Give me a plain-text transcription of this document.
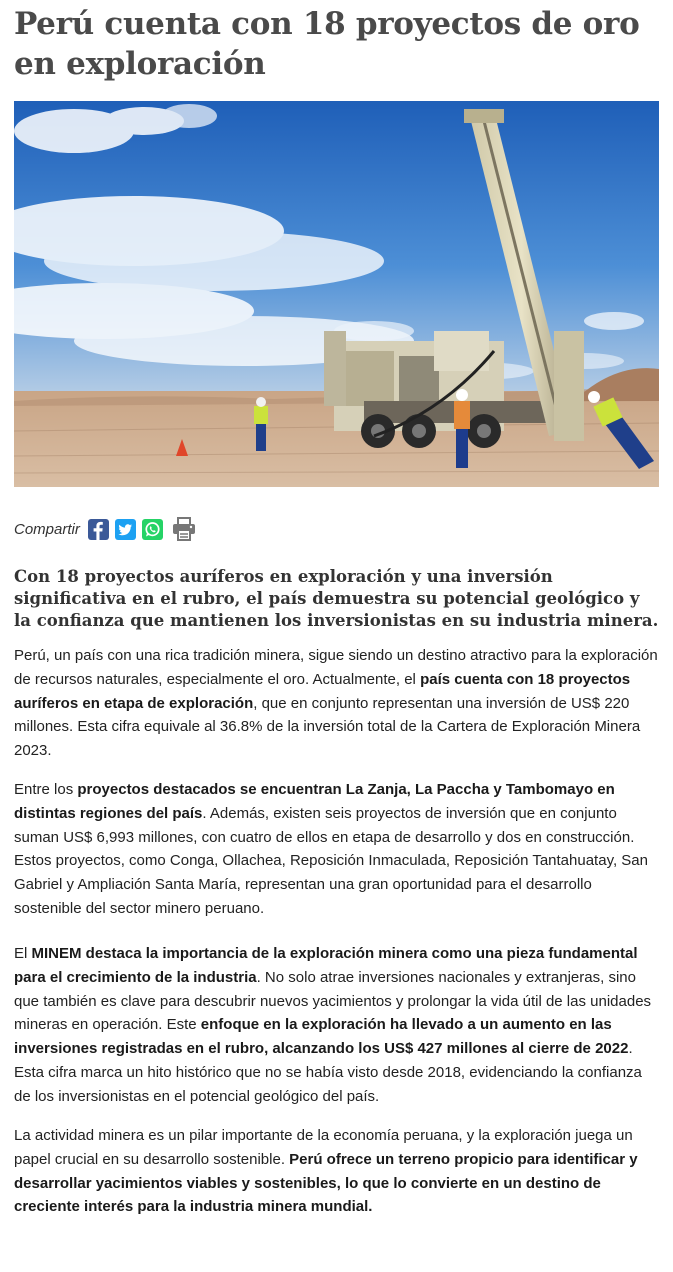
Perú cuenta con 18 proyectos de oro en exploración
Compartir

Con 18 proyectos auríferos en exploración y una inversión significativa en el rubro, el país demuestra su potencial geológico y la confianza que mantienen los inversionistas en su industria minera.

Perú, un país con una rica tradición minera, sigue siendo un destino atractivo para la exploración de recursos naturales, especialmente el oro. Actualmente, el país cuenta con 18 proyectos auríferos en etapa de exploración, que en conjunto representan una inversión de US$ 220 millones. Esta cifra equivale al 36.8% de la inversión total de la Cartera de Exploración Minera 2023.

Entre los proyectos destacados se encuentran La Zanja, La Paccha y Tambomayo en distintas regiones del país. Además, existen seis proyectos de inversión que en conjunto suman US$ 6,993 millones, con cuatro de ellos en etapa de desarrollo y dos en construcción. Estos proyectos, como Conga, Ollachea, Reposición Inmaculada, Reposición Tantahuatay, San Gabriel y Ampliación Santa María, representan una gran oportunidad para el desarrollo sostenible del sector minero peruano.

El MINEM destaca la importancia de la exploración minera como una pieza fundamental para el crecimiento de la industria. No solo atrae inversiones nacionales y extranjeras, sino que también es clave para descubrir nuevos yacimientos y prolongar la vida útil de las unidades mineras en operación. Este enfoque en la exploración ha llevado a un aumento en las inversiones registradas en el rubro, alcanzando los US$ 427 millones al cierre de 2022. Esta cifra marca un hito histórico que no se había visto desde 2018, evidenciando la confianza de los inversionistas en el potencial geológico del país.

La actividad minera es un pilar importante de la economía peruana, y la exploración juega un papel crucial en su desarrollo sostenible. Perú ofrece un terreno propicio para identificar y desarrollar yacimientos viables y sostenibles, lo que lo convierte en un destino de creciente interés para la industria minera mundial.
